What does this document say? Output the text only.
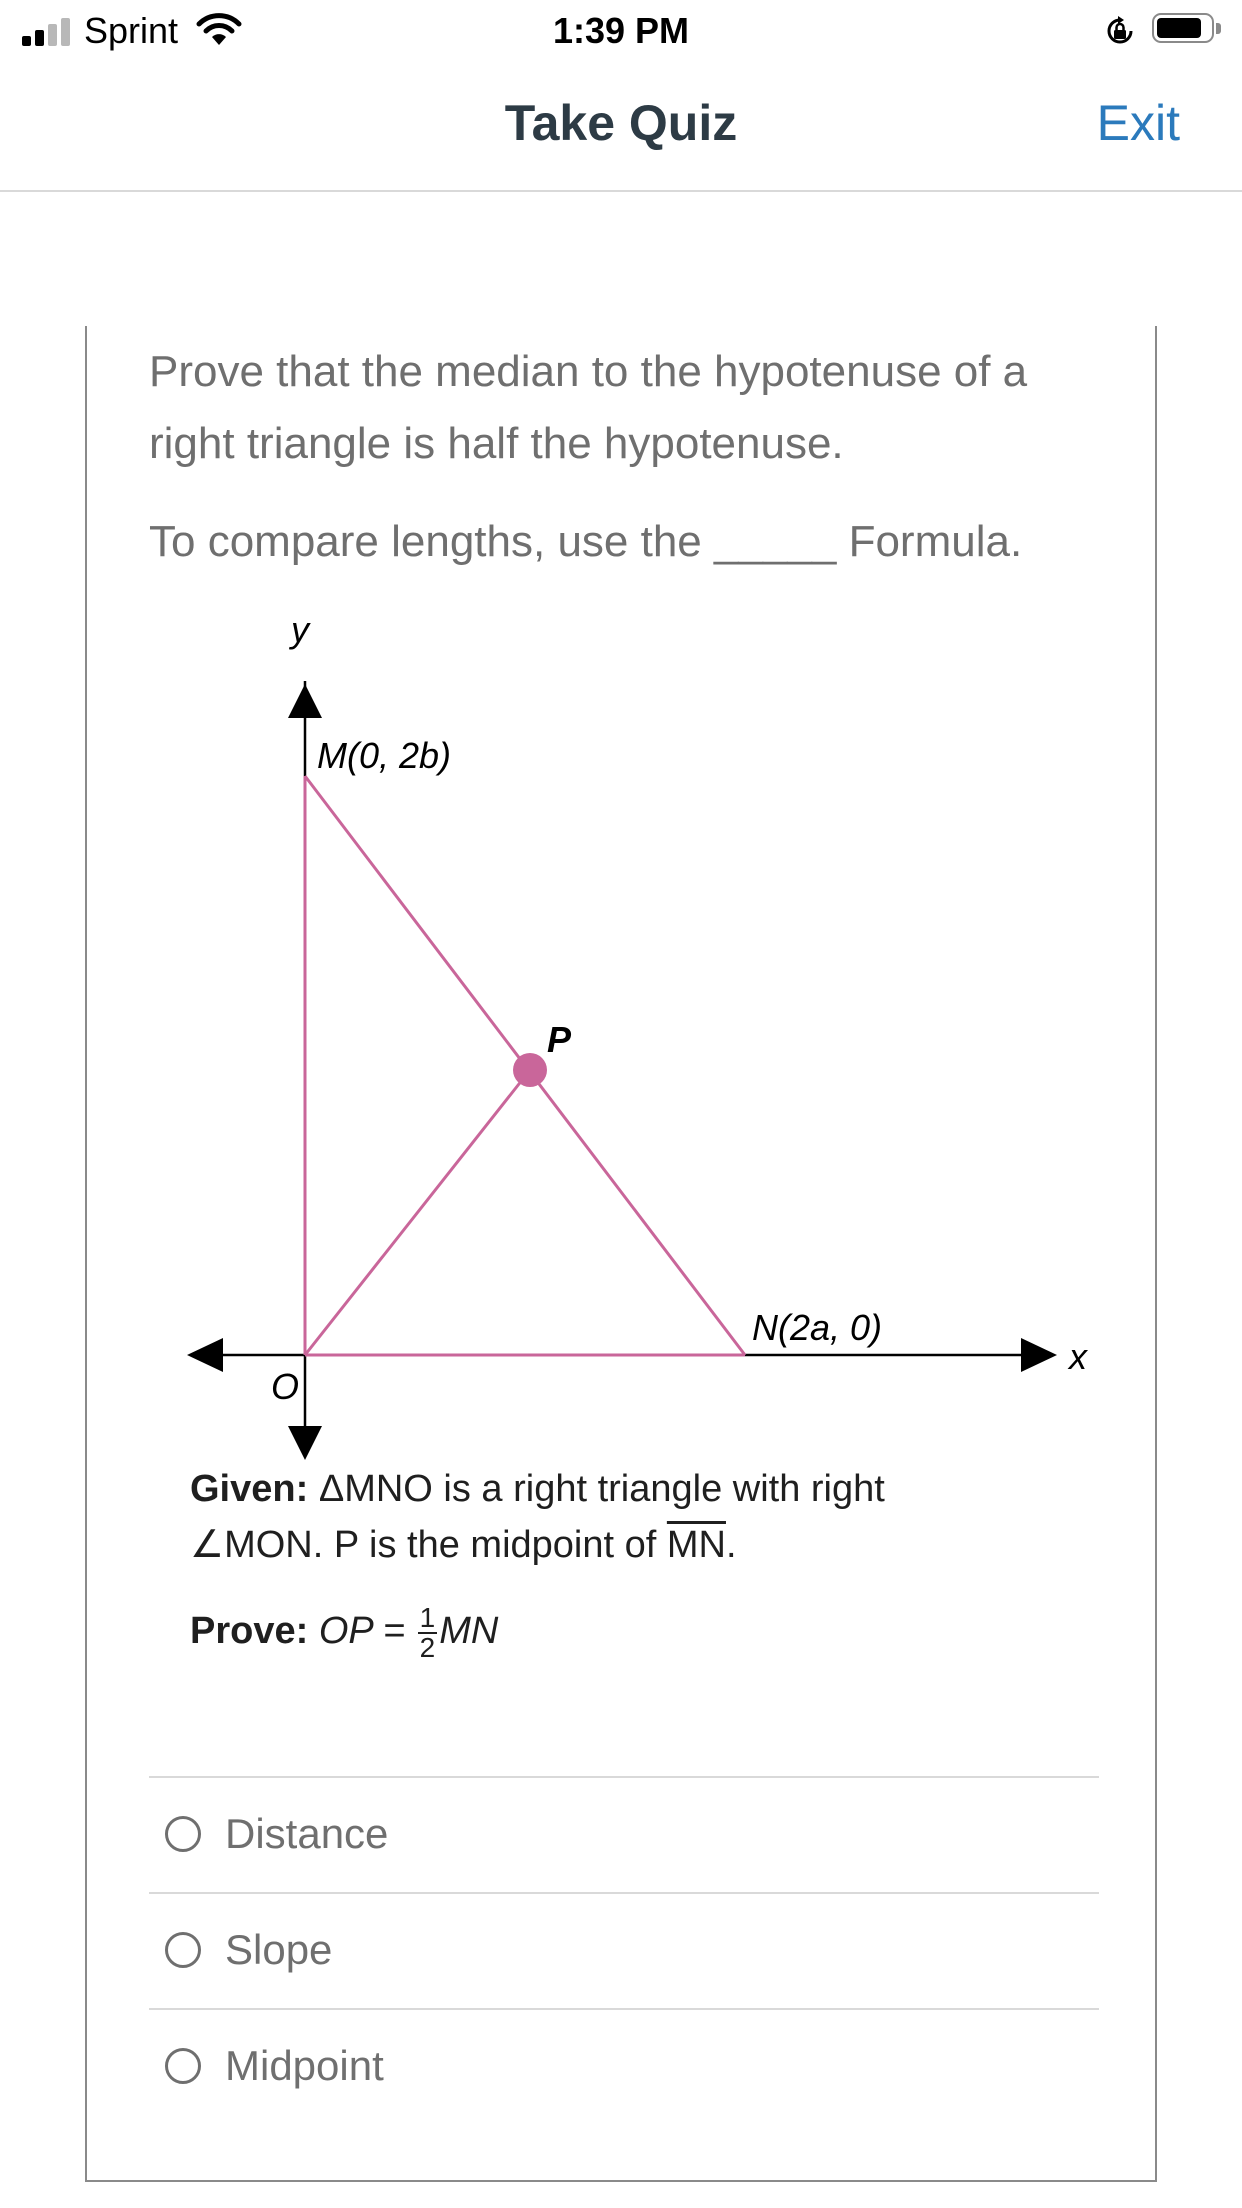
Sprint	1:39 PM
Take Quiz	Exit

Prove that the median to the hypotenuse of a right triangle is half the hypotenuse.

To compare lengths, use the _____ Formula.

y
x
O
M(0, 2b)
N(2a, 0)
P
Given: ΔMNO is a right triangle with right
∠MON. P is the midpoint of $\overline{MN}$.
Prove: OP = $\frac{1}{2}$ MN
Distance
Slope
Midpoint
